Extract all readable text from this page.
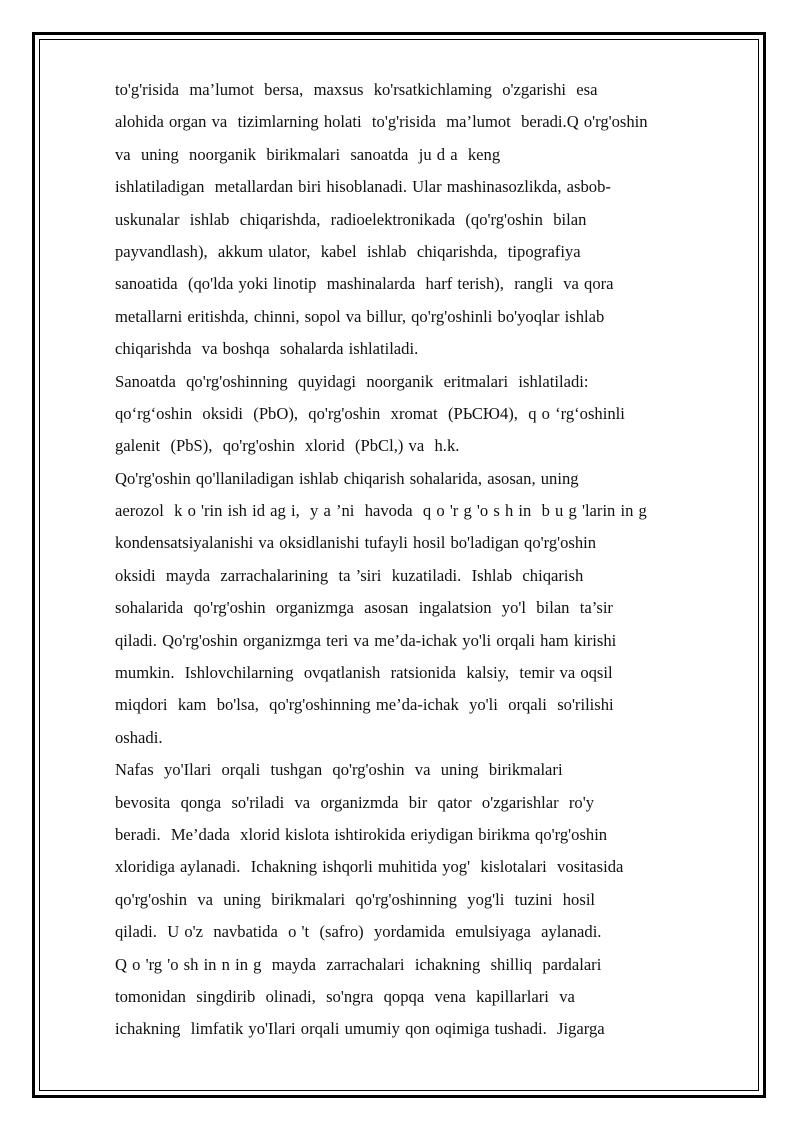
to'g'risida  ma’lumot  bersa,  maxsus  ko'rsatkichlaming  o'zgarishi  esa
alohida organ va  tizimlarning holati  to'g'risida  ma’lumot  beradi.Q o'rg'oshin
va  uning  noorganik  birikmalari  sanoatda  ju d a  keng
ishlatiladigan  metallardan biri hisoblanadi. Ular mashinasozlikda, asbob-
uskunalar  ishlab  chiqarishda,  radioelektronikada  (qo'rg'oshin  bilan
payvandlash),  akkum ulator,  kabel  ishlab  chiqarishda,  tipografiya
sanoatida  (qo'lda yoki linotip  mashinalarda  harf terish),  rangli  va qora
metallarni eritishda, chinni, sopol va billur, qo'rg'oshinli bo'yoqlar ishlab
chiqarishda  va boshqa  sohalarda ishlatiladi.
Sanoatda  qo'rg'oshinning  quyidagi  noorganik  eritmalari  ishlatiladi:
qo‘rg‘oshin  oksidi  (PbO),  qo'rg'oshin  xromat  (РЬСЮ4),  q o ‘rg‘oshinli
galenit  (PbS),  qo'rg'oshin  xlorid  (PbCl,) va  h.k.
Qo'rg'oshin qo'llaniladigan ishlab chiqarish sohalarida, asosan, uning
aerozol  k o 'rin ish id ag i,  y a ’ni  havoda  q o 'r g 'o s h in  b u g 'larin in g
kondensatsiyalanishi va oksidlanishi tufayli hosil bo'ladigan qo'rg'oshin
oksidi  mayda  zarrachalarining  ta ’siri  kuzatiladi.  Ishlab  chiqarish
sohalarida  qo'rg'oshin  organizmga  asosan  ingalatsion  yo'l  bilan  ta’sir
qiladi. Qo'rg'oshin organizmga teri va me’da-ichak yo'li orqali ham kirishi
mumkin.  Ishlovchilarning  ovqatlanish  ratsionida  kalsiy,  temir va oqsil
miqdori  kam  bo'lsa,  qo'rg'oshinning me’da-ichak  yo'li  orqali  so'rilishi
oshadi.
Nafas  yo'Ilari  orqali  tushgan  qo'rg'oshin  va  uning  birikmalari
bevosita  qonga  so'riladi  va  organizmda  bir  qator  o'zgarishlar  ro'y
beradi.  Me’dada  xlorid kislota ishtirokida eriydigan birikma qo'rg'oshin
xloridiga aylanadi.  Ichakning ishqorli muhitida yog'  kislotalari  vositasida
qo'rg'oshin  va  uning  birikmalari  qo'rg'oshinning  yog'li  tuzini  hosil
qiladi.  U o'z  navbatida  o 't  (safro)  yordamida  emulsiyaga  aylanadi.
Q o 'rg 'o sh in n in g  mayda  zarrachalari  ichakning  shilliq  pardalari
tomonidan  singdirib  olinadi,  so'ngra  qopqa  vena  kapillarlari  va
ichakning  limfatik yo'Ilari orqali umumiy qon oqimiga tushadi.  Jigarga
